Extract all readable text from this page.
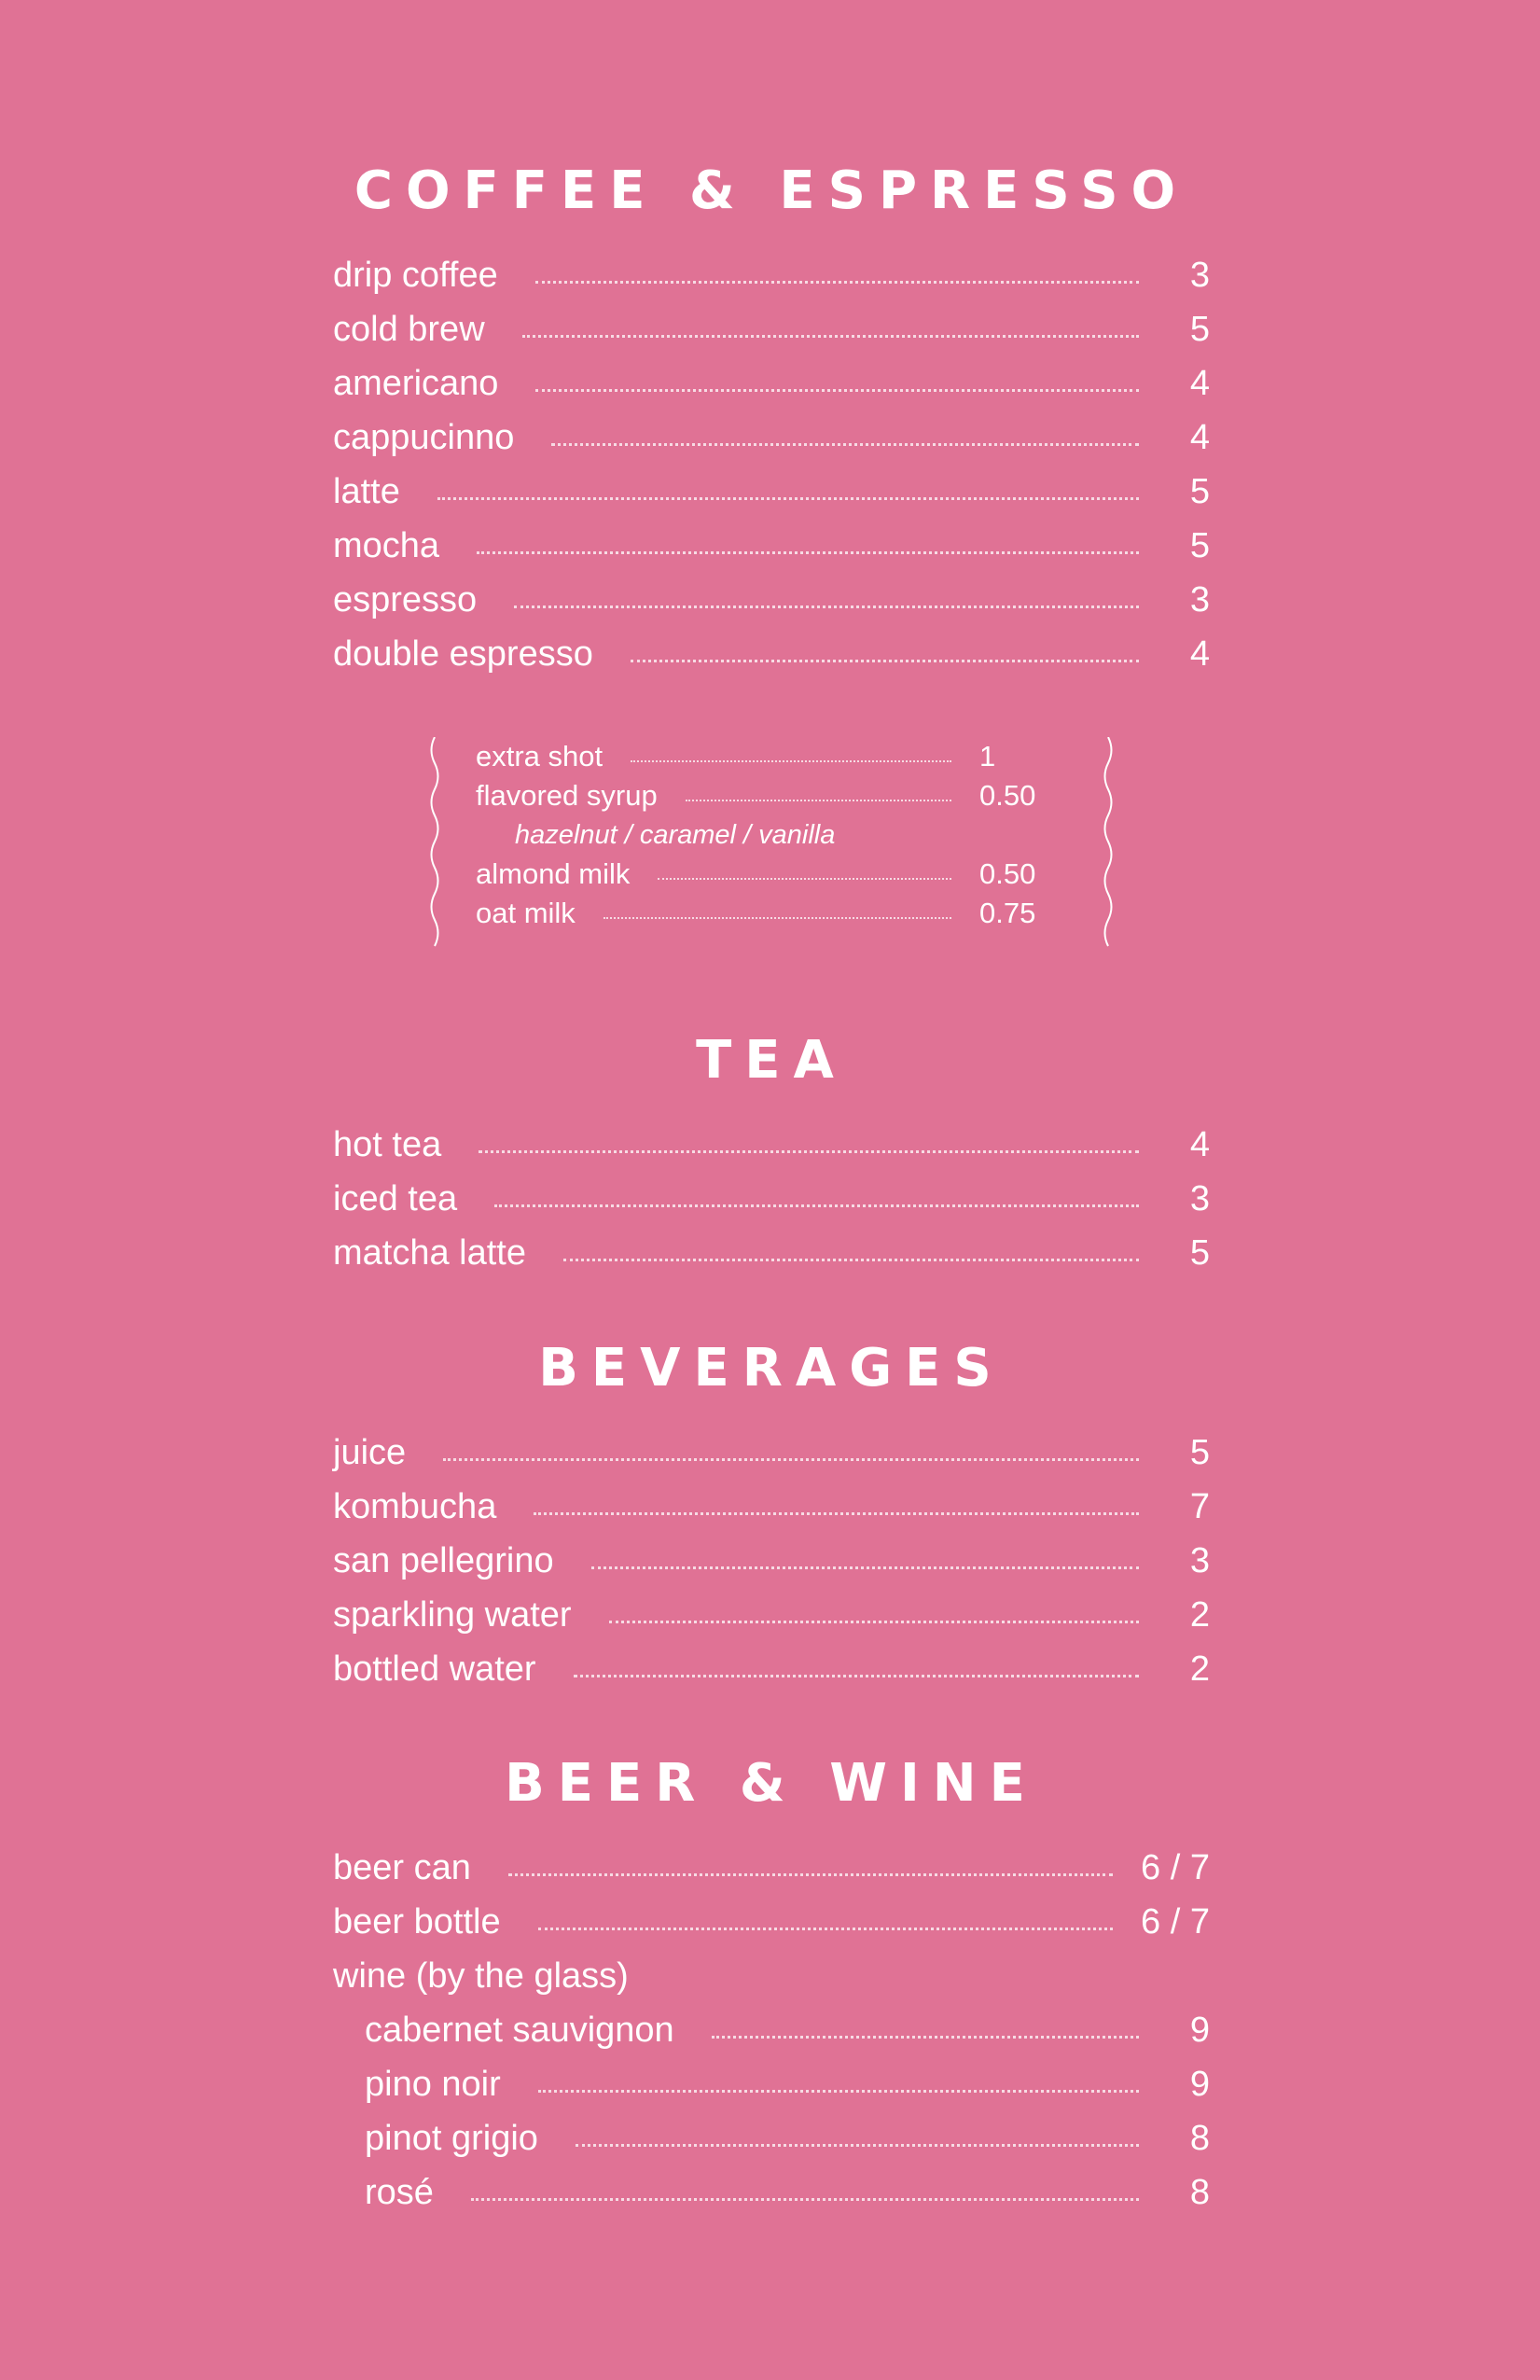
COFFEE & ESPRESSO
drip coffee	3
cold brew	5
americano	4
cappucinno	4
latte	5
mocha	5
espresso	3
double espresso	4
extra shot	1
flavored syrup	0.50
hazelnut / caramel / vanilla
almond milk	0.50
oat milk	0.75
TEA
hot tea	4
iced tea	3
matcha latte	5
BEVERAGES
juice	5
kombucha	7
san pellegrino	3
sparkling water	2
bottled water	2
BEER & WINE
beer can	6 / 7
beer bottle	6 / 7
wine (by the glass)
cabernet sauvignon	9
pino noir	9
pinot grigio	8
rosé	8
